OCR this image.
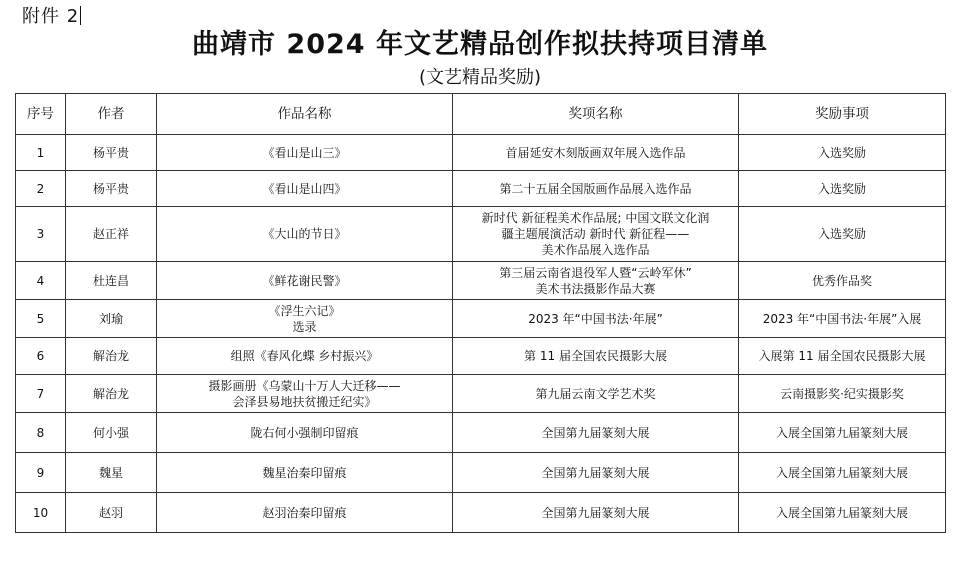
附件 2
曲靖市 2024 年文艺精品创作拟扶持项目清单
(文艺精品奖励)
序号	作者	作品名称	奖项名称	奖励事项
1	杨平贵	《看山是山三》	首届延安木刻版画双年展入选作品	入选奖励
2	杨平贵	《看山是山四》	第二十五届全国版画作品展入选作品	入选奖励
3	赵正祥	《大山的节日》	新时代 新征程美术作品展; 中国文联文化润
疆主题展演活动 新时代 新征程——
美术作品展入选作品	入选奖励
4	杜连昌	《鲜花谢民警》	第三届云南省退役军人暨“云岭军休”
美术书法摄影作品大赛	优秀作品奖
5	刘瑜	《浮生六记》
选录	2023 年“中国书法·年展”	2023 年“中国书法·年展”入展
6	解治龙	组照《春风化蝶 乡村振兴》	第 11 届全国农民摄影大展	入展第 11 届全国农民摄影大展
7	解治龙	摄影画册《乌蒙山十万人大迁移——
会泽县易地扶贫搬迁纪实》	第九届云南文学艺术奖	云南摄影奖·纪实摄影奖
8	何小强	陇右何小强制印留痕	全国第九届篆刻大展	入展全国第九届篆刻大展
9	魏星	魏星治秦印留痕	全国第九届篆刻大展	入展全国第九届篆刻大展
10	赵羽	赵羽治秦印留痕	全国第九届篆刻大展	入展全国第九届篆刻大展
